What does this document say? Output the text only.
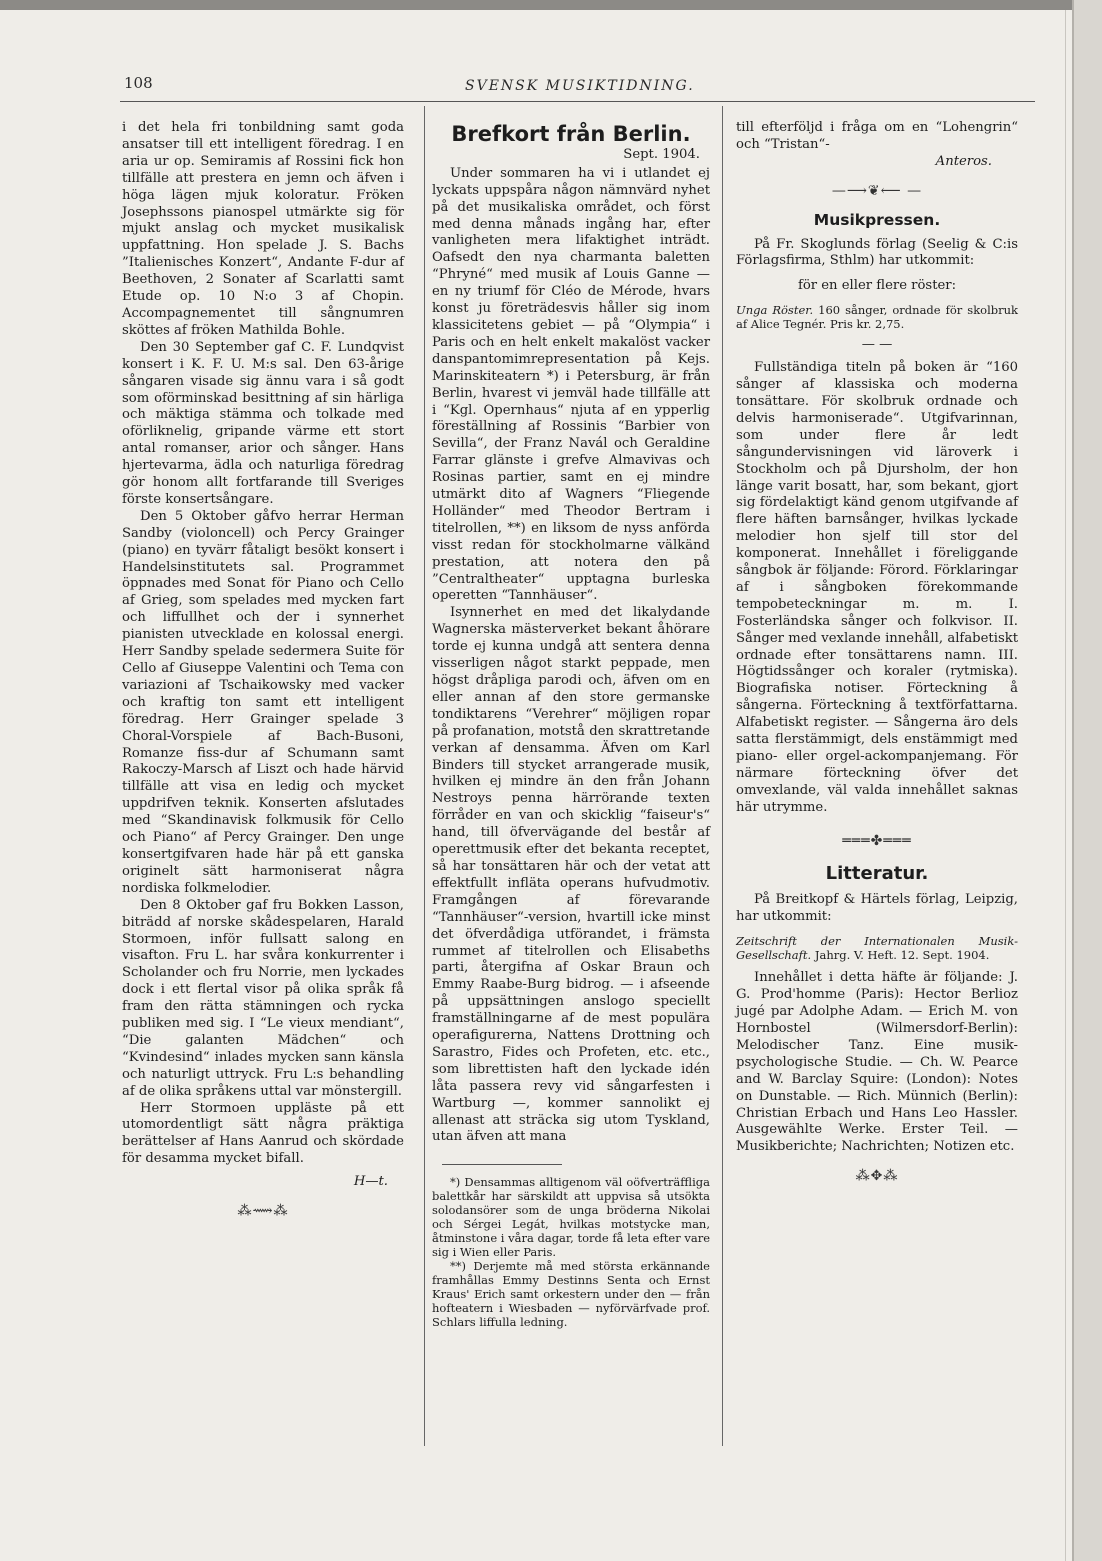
108	SVENSK MUSIKTIDNING.

i det hela fri tonbildning samt goda ansatser till ett intelligent föredrag. I en aria ur op. Semiramis af Rossini fick hon tillfälle att prestera en jemn och äfven i höga lägen mjuk koloratur. Fröken Josephssons pianospel utmärkte sig för mjukt anslag och mycket musikalisk uppfattning. Hon spelade J. S. Bachs ”Italienisches Konzert“, Andante F-dur af Beethoven, 2 Sonater af Scarlatti samt Etude op. 10 N:o 3 af Chopin. Accompagnementet till sångnumren sköttes af fröken Mathilda Bohle.

Den 30 September gaf C. F. Lundqvist konsert i K. F. U. M:s sal. Den 63-årige sångaren visade sig ännu vara i så godt som oförminskad besittning af sin härliga och mäktiga stämma och tolkade med oförliknelig, gripande värme ett stort antal romanser, arior och sånger. Hans hjertevarma, ädla och naturliga föredrag gör honom allt fortfarande till Sveriges förste konsertsångare.

Den 5 Oktober gåfvo herrar Herman Sandby (violoncell) och Percy Grainger (piano) en tyvärr fåtaligt besökt konsert i Handelsinstitutets sal. Programmet öppnades med Sonat för Piano och Cello af Grieg, som spelades med mycken fart och liffullhet och der i synnerhet pianisten utvecklade en kolossal energi. Herr Sandby spelade sedermera Suite för Cello af Giuseppe Valentini och Tema con variazioni af Tschaikowsky med vacker och kraftig ton samt ett intelligent föredrag. Herr Grainger spelade 3 Choral-Vorspiele af Bach-Busoni, Romanze fiss-dur af Schumann samt Rakoczy-Marsch af Liszt och hade härvid tillfälle att visa en ledig och mycket uppdrifven teknik. Konserten afslutades med “Skandinavisk folkmusik för Cello och Piano“ af Percy Grainger. Den unge konsertgifvaren hade här på ett ganska originelt sätt harmoniserat några nordiska folkmelodier.

Den 8 Oktober gaf fru Bokken Lasson, biträdd af norske skådespelaren, Harald Stormoen, inför fullsatt salong en visafton. Fru L. har svåra konkurrenter i Scholander och fru Norrie, men lyckades dock i ett flertal visor på olika språk få fram den rätta stämningen och rycka publiken med sig. I “Le vieux mendiant“, “Die galanten Mädchen“ och “Kvindesind“ inlades mycken sann känsla och naturligt uttryck. Fru L:s behandling af de olika språkens uttal var mönstergill.

Herr Stormoen uppläste på ett utomordentligt sätt några präktiga berättelser af Hans Aanrud och skördade för desamma mycket bifall.

H—t.
⁂⟿⁂
Brefkort från Berlin.
Sept. 1904.

Under sommaren ha vi i utlandet ej lyckats uppspåra någon nämnvärd nyhet på det musikaliska området, och först med denna månads ingång har, efter vanligheten mera lifaktighet inträdt. Oafsedt den nya charmanta baletten “Phryné“ med musik af Louis Ganne — en ny triumf för Cléo de Mérode, hvars konst ju företrädesvis håller sig inom klassicitetens gebiet — på “Olympia“ i Paris och en helt enkelt makalöst vacker danspantomimrepresentation på Kejs. Marinskiteatern *) i Petersburg, är från Berlin, hvarest vi jemväl hade tillfälle att i “Kgl. Opernhaus“ njuta af en ypperlig föreställning af Rossinis “Barbier von Sevilla“, der Franz Navál och Geraldine Farrar glänste i grefve Almavivas och Rosinas partier, samt en ej mindre utmärkt dito af Wagners “Fliegende Holländer“ med Theodor Bertram i titelrollen, **) en liksom de nyss anförda visst redan för stockholmarne välkänd prestation, att notera den på ”Centraltheater“ upptagna burleska operetten “Tannhäuser“.

Isynnerhet en med det likalydande Wagnerska mästerverket bekant åhörare torde ej kunna undgå att sentera denna visserligen något starkt peppade, men högst dråpliga parodi och, äfven om en eller annan af den store germanske tondiktarens “Verehrer“ möjligen ropar på profanation, motstå den skrattretande verkan af densamma. Äfven om Karl Binders till stycket arrangerade musik, hvilken ej mindre än den från Johann Nestroys penna härrörande texten förråder en van och skicklig “faiseur's“ hand, till öfvervägande del består af operettmusik efter det bekanta receptet, så har tonsättaren här och der vetat att effektfullt infläta operans hufvudmotiv. Framgången af förevarande “Tannhäuser“-version, hvartill icke minst det öfverdådiga utförandet, i främsta rummet af titelrollen och Elisabeths parti, återgifna af Oskar Braun och Emmy Raabe-Burg bidrog. — i afseende på uppsättningen anslogo speciellt framställningarne af de mest populära operafigurerna, Nattens Drottning och Sarastro, Fides och Profeten, etc. etc., som librettisten haft den lyckade idén låta passera revy vid sångarfesten i Wartburg —, kommer sannolikt ej allenast att sträcka sig utom Tyskland, utan äfven att mana

*) Densammas alltigenom väl oöfverträffliga balettkår har särskildt att uppvisa så utsökta solodansörer som de unga bröderna Nikolai och Sérgei Legát, hvilkas motstycke man, åtminstone i våra dagar, torde få leta efter vare sig i Wien eller Paris.

**) Derjemte må med största erkännande framhållas Emmy Destinns Senta och Ernst Kraus' Erich samt orkestern under den — från hofteatern i Wiesbaden — nyförvärfvade prof. Schlars liffulla ledning.

till efterföljd i fråga om en “Lohengrin“ och “Tristan“-

Anteros.
—⟶❦⟵ —
Musikpressen.

På Fr. Skoglunds förlag (Seelig & C:is Förlagsfirma, Sthlm) har utkommit:

för en eller flere röster:
Unga Röster. 160 sånger, ordnade för skolbruk af Alice Tegnér. Pris kr. 2,75.
— —

Fullständiga titeln på boken är “160 sånger af klassiska och moderna tonsättare. För skolbruk ordnade och delvis harmoniserade“. Utgifvarinnan, som under flere år ledt sångundervisningen vid läroverk i Stockholm och på Djursholm, der hon länge varit bosatt, har, som bekant, gjort sig fördelaktigt känd genom utgifvande af flere häften barnsånger, hvilkas lyckade melodier hon sjelf till stor del komponerat. Innehållet i föreliggande sångbok är följande: Förord. Förklaringar af i sångboken förekommande tempobeteckningar m. m. I. Fosterländska sånger och folkvisor. II. Sånger med vexlande innehåll, alfabetiskt ordnade efter tonsättarens namn. III. Högtidssånger och koraler (rytmiska). Biografiska notiser. Förteckning å sångerna. Förteckning å textförfattarna. Alfabetiskt register. — Sångerna äro dels satta flerstämmigt, dels enstämmigt med piano- eller orgel-ackompanjemang. För närmare förteckning öfver det omvexlande, väl valda innehållet saknas här utrymme.

═══✤═══
Litteratur.

På Breitkopf & Härtels förlag, Leipzig, har utkommit:

Zeitschrift der Internationalen Musik-Gesellschaft. Jahrg. V. Heft. 12. Sept. 1904.

Innehållet i detta häfte är följande: J. G. Prod'homme (Paris): Hector Berlioz jugé par Adolphe Adam. — Erich M. von Hornbostel (Wilmersdorf-Berlin): Melodischer Tanz. Eine musik-psychologische Studie. — Ch. W. Pearce and W. Barclay Squire: (London): Notes on Dunstable. — Rich. Münnich (Berlin): Christian Erbach und Hans Leo Hassler. Ausgewählte Werke. Erster Teil. — Musikberichte; Nachrichten; Notizen etc.

⁂✥⁂
